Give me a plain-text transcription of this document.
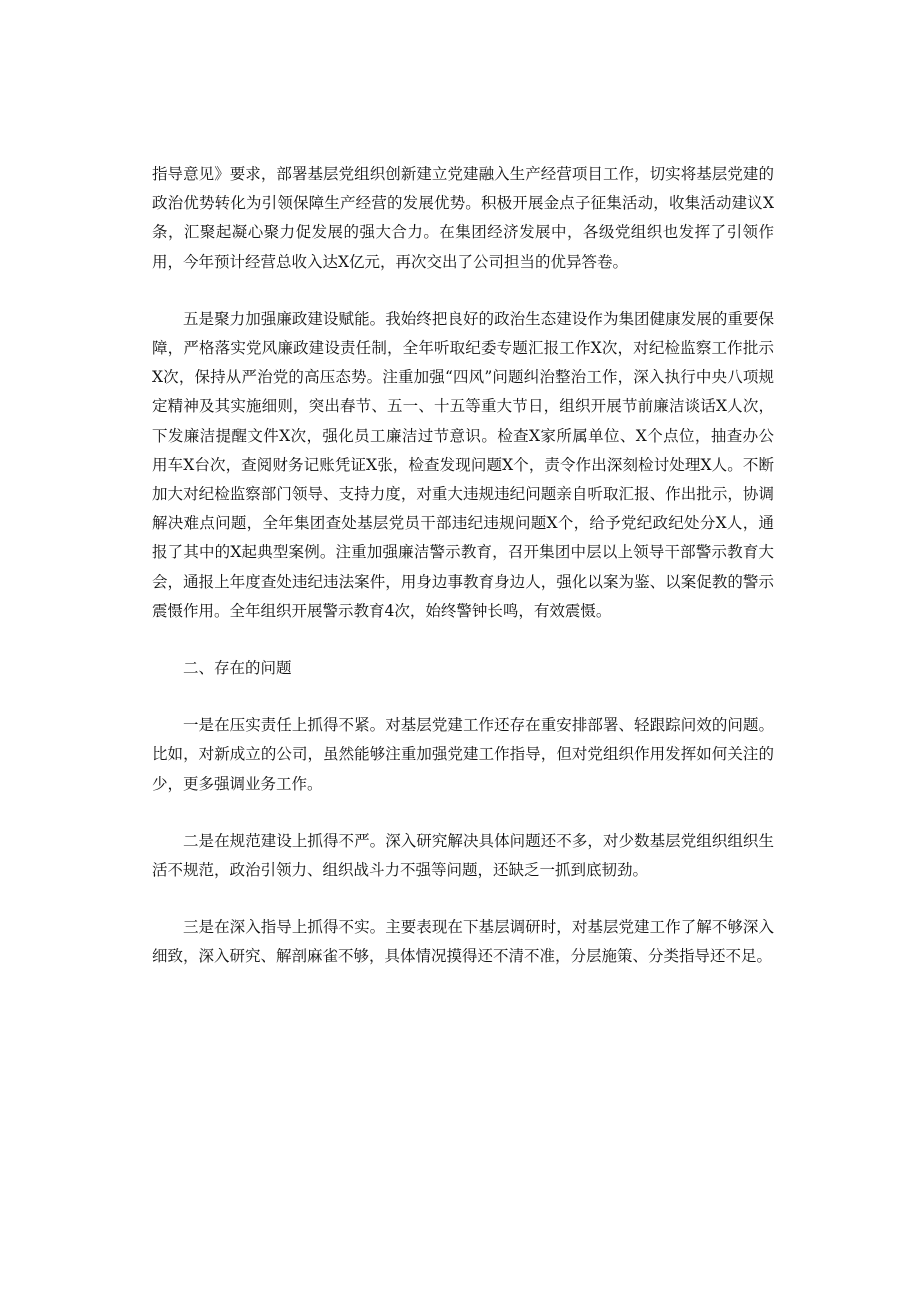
指导意见》要求，部署基层党组织创新建立党建融入生产经营项目工作，切实将基层党建的政治优势转化为引领保障生产经营的发展优势。积极开展金点子征集活动，收集活动建议X条，汇聚起凝心聚力促发展的强大合力。在集团经济发展中，各级党组织也发挥了引领作用，今年预计经营总收入达X亿元，再次交出了公司担当的优异答卷。

五是聚力加强廉政建设赋能。我始终把良好的政治生态建设作为集团健康发展的重要保障，严格落实党风廉政建设责任制，全年听取纪委专题汇报工作X次，对纪检监察工作批示X次，保持从严治党的高压态势。注重加强“四风”问题纠治整治工作，深入执行中央八项规定精神及其实施细则，突出春节、五一、十五等重大节日，组织开展节前廉洁谈话X人次，下发廉洁提醒文件X次，强化员工廉洁过节意识。检查X家所属单位、X个点位，抽查办公用车X台次，查阅财务记账凭证X张，检查发现问题X个，责令作出深刻检讨处理X人。不断加大对纪检监察部门领导、支持力度，对重大违规违纪问题亲自听取汇报、作出批示，协调解决难点问题，全年集团查处基层党员干部违纪违规问题X个，给予党纪政纪处分X人，通报了其中的X起典型案例。注重加强廉洁警示教育，召开集团中层以上领导干部警示教育大会，通报上年度查处违纪违法案件，用身边事教育身边人，强化以案为鉴、以案促教的警示震慑作用。全年组织开展警示教育4次，始终警钟长鸣，有效震慑。

二、存在的问题

一是在压实责任上抓得不紧。对基层党建工作还存在重安排部署、轻跟踪问效的问题。比如，对新成立的公司，虽然能够注重加强党建工作指导，但对党组织作用发挥如何关注的少，更多强调业务工作。

二是在规范建设上抓得不严。深入研究解决具体问题还不多，对少数基层党组织组织生活不规范，政治引领力、组织战斗力不强等问题，还缺乏一抓到底韧劲。

三是在深入指导上抓得不实。主要表现在下基层调研时，对基层党建工作了解不够深入细致，深入研究、解剖麻雀不够，具体情况摸得还不清不准，分层施策、分类指导还不足。
